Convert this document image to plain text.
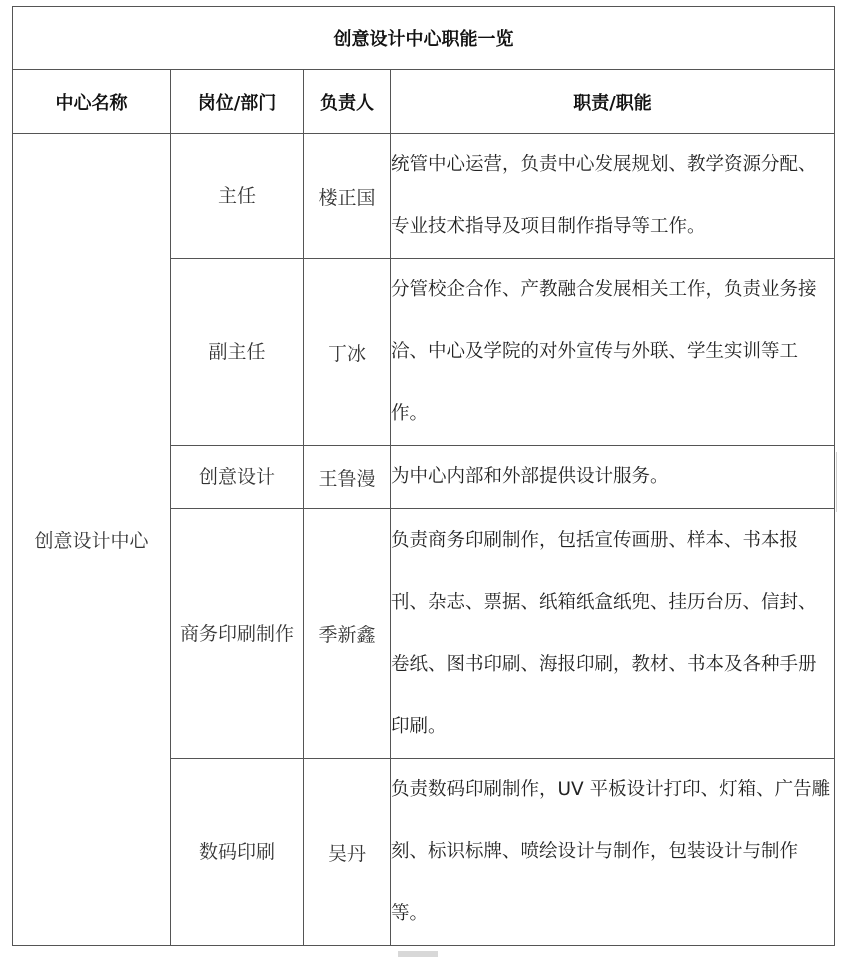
创意设计中心职能一览			
中心名称	岗位/部门	负责人	职责/职能
创意设计中心	主任	楼正国	统管中心运营，负责中心发展规划、教学资源分配、专业技术指导及项目制作指导等工作。
	副主任	丁冰	分管校企合作、产教融合发展相关工作，负责业务接洽、中心及学院的对外宣传与外联、学生实训等工作。
	创意设计	王鲁漫	为中心内部和外部提供设计服务。
	商务印刷制作	季新鑫	负责商务印刷制作，包括宣传画册、样本、书本报刊、杂志、票据、纸箱纸盒纸兜、挂历台历、信封、卷纸、图书印刷、海报印刷，教材、书本及各种手册印刷。
	数码印刷	吴丹	负责数码印刷制作，UV 平板设计打印、灯箱、广告雕刻、标识标牌、喷绘设计与制作，包装设计与制作等。
